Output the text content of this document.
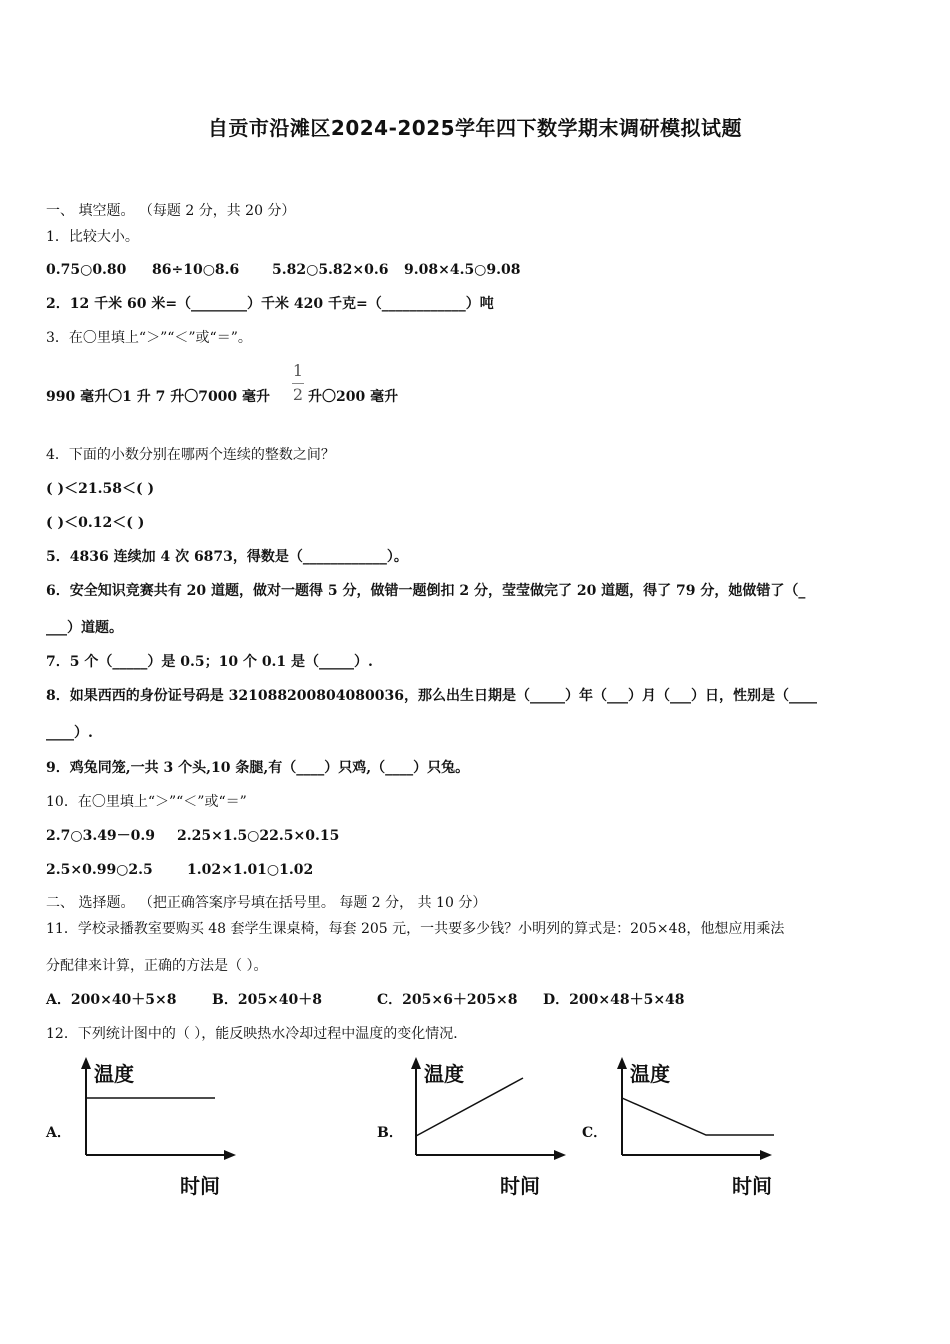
自贡市沿滩区2024-2025学年四下数学期末调研模拟试题
一、 填空题。 （每题 2 分，共 20 分）
1．比较大小。
0.75○0.80 86÷10○8.6 5.82○5.82×0.6 9.08×4.5○9.08
2．12 千米 60 米=（________）千米 420 千克=（____________）吨
3．在〇里填上“＞”“＜”或“＝”。
990 毫升〇1 升 7 升〇7000 毫升
1
2 升〇200 毫升
4．下面的小数分别在哪两个连续的整数之间？
( )＜21.58＜( )
( )＜0.12＜( )
5．4836 连续加 4 次 6873，得数是（____________）。
6．安全知识竞赛共有 20 道题，做对一题得 5 分，做错一题倒扣 2 分，莹莹做完了 20 道题，得了 79 分，她做错了（_
___）道题。
7．5 个（_____）是 0.5；10 个 0.1 是（_____）.
8．如果西西的身份证号码是 321088200804080036，那么出生日期是（_____）年（___）月（___）日，性别是（____
____）.
9．鸡兔同笼,一共 3 个头,10 条腿,有（____）只鸡,（____）只兔。
10．在〇里填上“＞”“＜”或“＝”
2.7○3.49－0.9 2.25×1.5○22.5×0.15
2.5×0.99○2.5 1.02×1.01○1.02
二、 选择题。 （把正确答案序号填在括号里。 每题 2 分， 共 10 分）
11．学校录播教室要购买 48 套学生课桌椅，每套 205 元，一共要多少钱？小明列的算式是：205×48，他想应用乘法
分配律来计算，正确的方法是（ ）。
A．200×40＋5×8	B．205×40＋8	C．205×6＋205×8 D．200×48＋5×48
12．下列统计图中的（ ），能反映热水冷却过程中温度的变化情况．
A．
温度
时间
B．
温度
时间
C．
温度
时间
